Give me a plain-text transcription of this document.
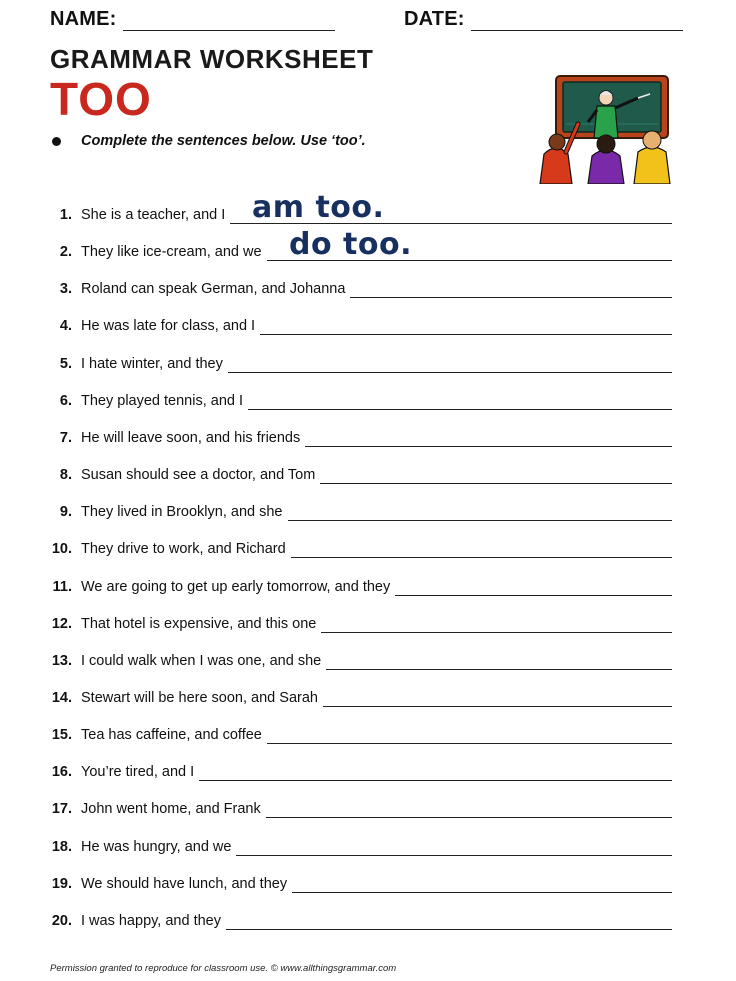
NAME:	DATE:
GRAMMAR WORKSHEET
TOO
Complete the sentences below. Use ‘too’.
1. She is a teacher, and I am too.
2. They like ice-cream, and we do too.
3. Roland can speak German, and Johanna
4. He was late for class, and I
5. I hate winter, and they
6. They played tennis, and I
7. He will leave soon, and his friends
8. Susan should see a doctor, and Tom
9. They lived in Brooklyn, and she
10. They drive to work, and Richard
11. We are going to get up early tomorrow, and they
12. That hotel is expensive, and this one
13. I could walk when I was one, and she
14. Stewart will be here soon, and Sarah
15. Tea has caffeine, and coffee
16. You’re tired, and I
17. John went home, and Frank
18. He was hungry, and we
19. We should have lunch, and they
20. I was happy, and they
Permission granted to reproduce for classroom use. © www.allthingsgrammar.com
